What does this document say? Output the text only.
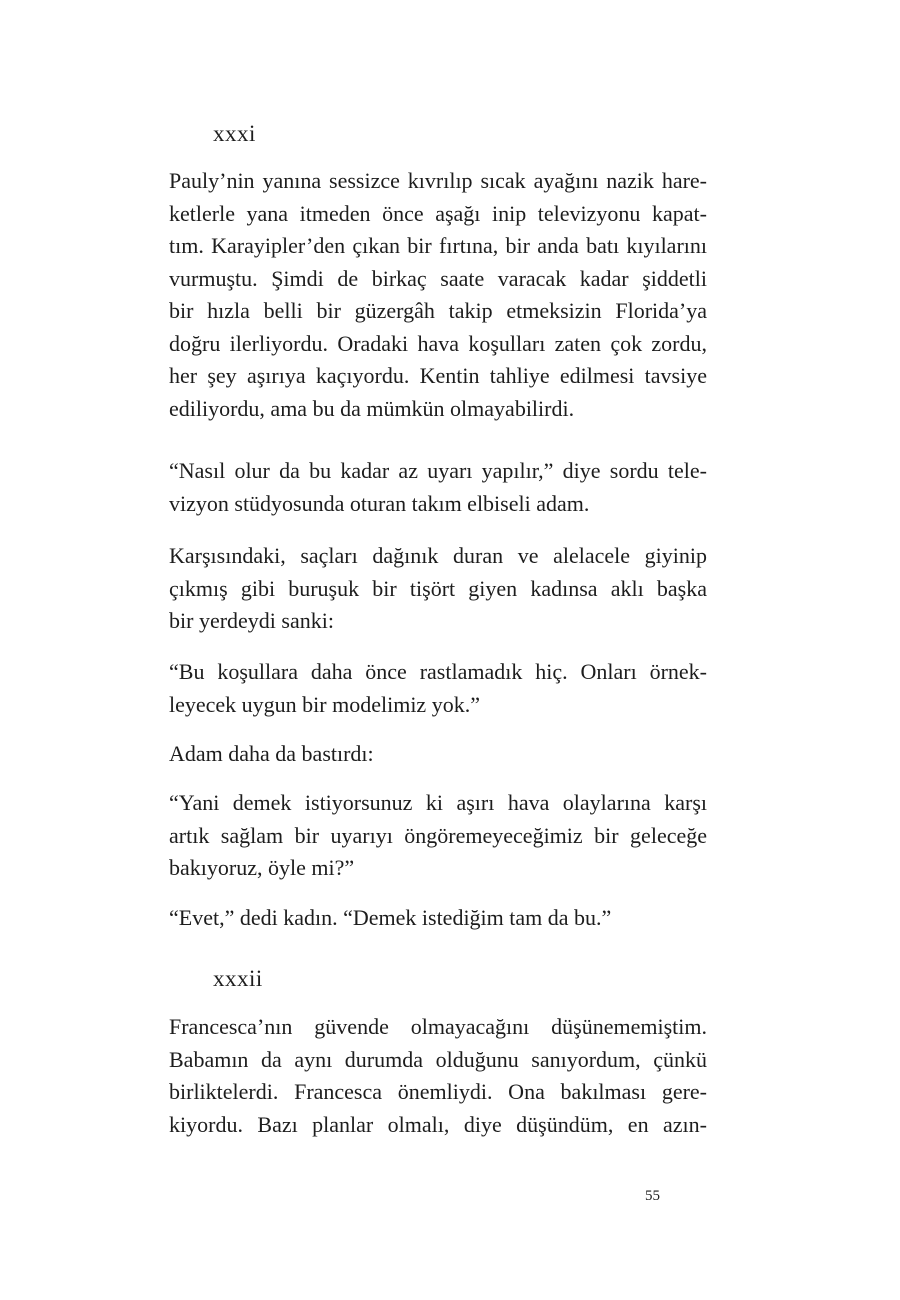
xxxi

Pauly’nin yanına sessizce kıvrılıp sıcak ayağını nazik hare-
ketlerle yana itmeden önce aşağı inip televizyonu kapat-
tım. Karayipler’den çıkan bir fırtına, bir anda batı kıyılarını
vurmuştu. Şimdi de birkaç saate varacak kadar şiddetli
bir hızla belli bir güzergâh takip etmeksizin Florida’ya
doğru ilerliyordu. Oradaki hava koşulları zaten çok zordu,
her şey aşırıya kaçıyordu. Kentin tahliye edilmesi tavsiye
ediliyordu, ama bu da mümkün olmayabilirdi.

“Nasıl olur da bu kadar az uyarı yapılır,” diye sordu tele-
vizyon stüdyosunda oturan takım elbiseli adam.

Karşısındaki, saçları dağınık duran ve alelacele giyinip
çıkmış gibi buruşuk bir tişört giyen kadınsa aklı başka
bir yerdeydi sanki:

“Bu koşullara daha önce rastlamadık hiç. Onları örnek-
leyecek uygun bir modelimiz yok.”

Adam daha da bastırdı:

“Yani demek istiyorsunuz ki aşırı hava olaylarına karşı
artık sağlam bir uyarıyı öngöremeyeceğimiz bir geleceğe
bakıyoruz, öyle mi?”

“Evet,” dedi kadın. “Demek istediğim tam da bu.”

xxxii

Francesca’nın güvende olmayacağını düşünememiştim.
Babamın da aynı durumda olduğunu sanıyordum, çünkü
birliktelerdi. Francesca önemliydi. Ona bakılması gere-
kiyordu. Bazı planlar olmalı, diye düşündüm, en azın-

55
